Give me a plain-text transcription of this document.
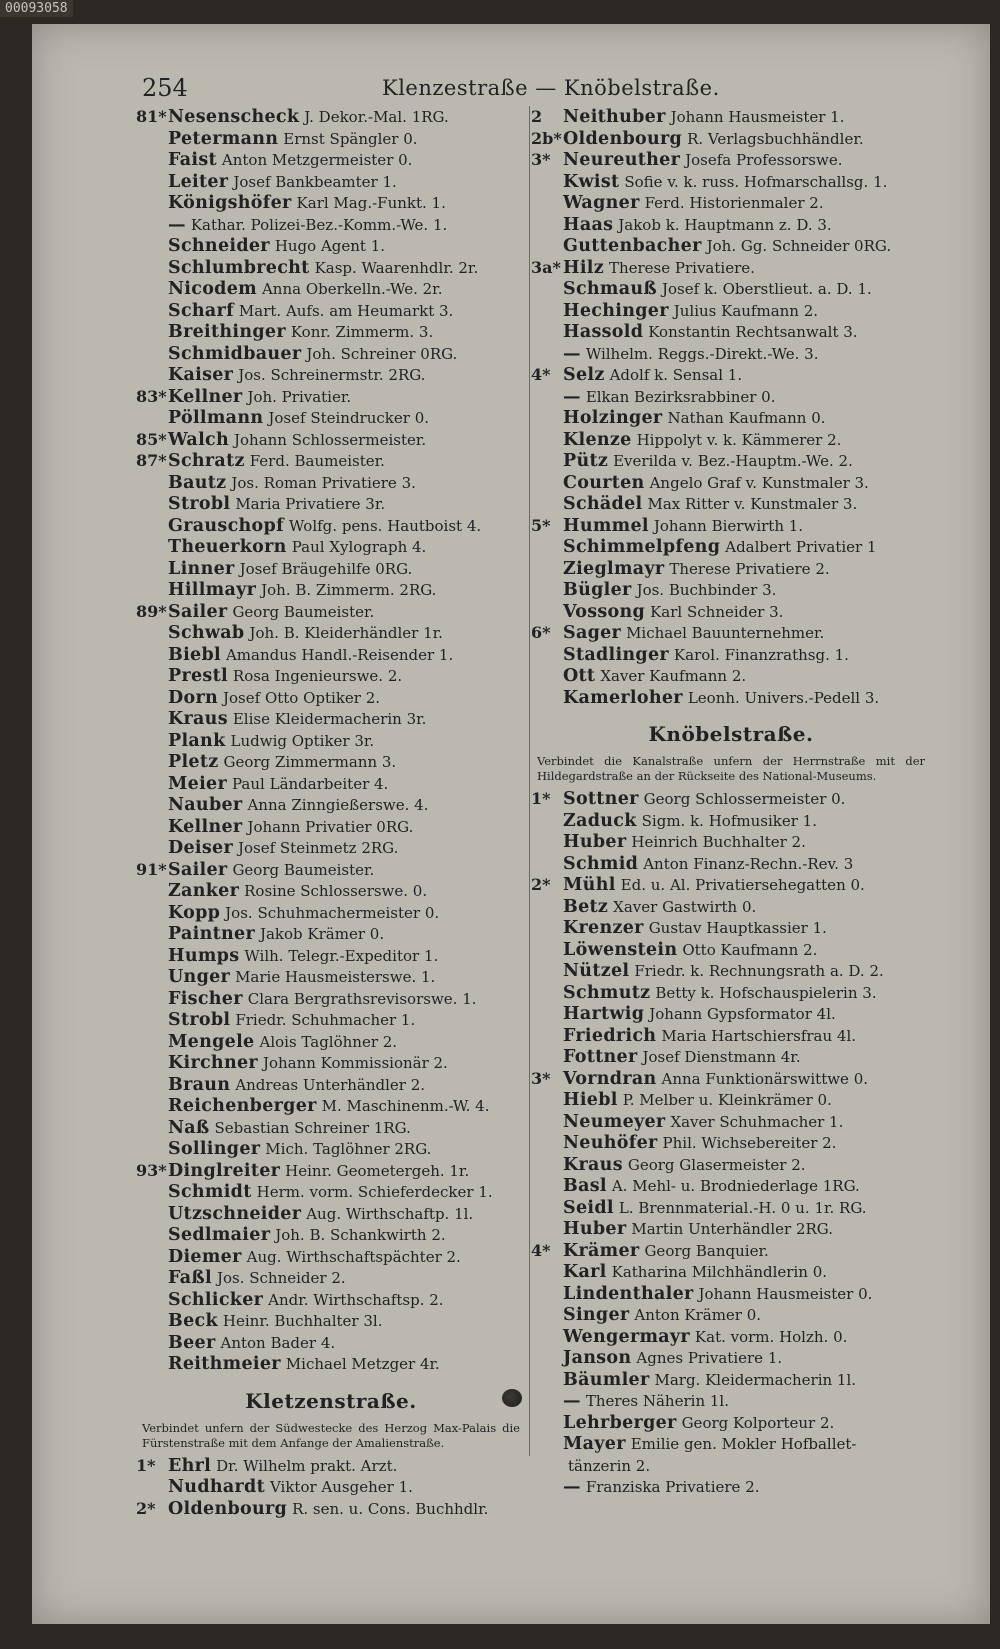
00093058
254	Klenzestraße — Knöbelstraße.
81*Nesenscheck J. Dekor.-Mal. 1RG.
Petermann Ernst Spängler 0.
Faist Anton Metzgermeister 0.
Leiter Josef Bankbeamter 1.
Königshöfer Karl Mag.-Funkt. 1.
— Kathar. Polizei-Bez.-Komm.-We. 1.
Schneider Hugo Agent 1.
Schlumbrecht Kasp. Waarenhdlr. 2r.
Nicodem Anna Oberkelln.-We. 2r.
Scharf Mart. Aufs. am Heumarkt 3.
Breithinger Konr. Zimmerm. 3.
Schmidbauer Joh. Schreiner 0RG.
Kaiser Jos. Schreinermstr. 2RG.
83*Kellner Joh. Privatier.
Pöllmann Josef Steindrucker 0.
85*Walch Johann Schlossermeister.
87*Schratz Ferd. Baumeister.
Bautz Jos. Roman Privatiere 3.
Strobl Maria Privatiere 3r.
Grauschopf Wolfg. pens. Hautboist 4.
Theuerkorn Paul Xylograph 4.
Linner Josef Bräugehilfe 0RG.
Hillmayr Joh. B. Zimmerm. 2RG.
89*Sailer Georg Baumeister.
Schwab Joh. B. Kleiderhändler 1r.
Biebl Amandus Handl.-Reisender 1.
Prestl Rosa Ingenieurswe. 2.
Dorn Josef Otto Optiker 2.
Kraus Elise Kleidermacherin 3r.
Plank Ludwig Optiker 3r.
Pletz Georg Zimmermann 3.
Meier Paul Ländarbeiter 4.
Nauber Anna Zinngießerswe. 4.
Kellner Johann Privatier 0RG.
Deiser Josef Steinmetz 2RG.
91*Sailer Georg Baumeister.
Zanker Rosine Schlosserswe. 0.
Kopp Jos. Schuhmachermeister 0.
Paintner Jakob Krämer 0.
Humps Wilh. Telegr.-Expeditor 1.
Unger Marie Hausmeisterswe. 1.
Fischer Clara Bergrathsrevisorswe. 1.
Strobl Friedr. Schuhmacher 1.
Mengele Alois Taglöhner 2.
Kirchner Johann Kommissionär 2.
Braun Andreas Unterhändler 2.
Reichenberger M. Maschinenm.-W. 4.
Naß Sebastian Schreiner 1RG.
Sollinger Mich. Taglöhner 2RG.
93*Dinglreiter Heinr. Geometergeh. 1r.
Schmidt Herm. vorm. Schieferdecker 1.
Utzschneider Aug. Wirthschaftp. 1l.
Sedlmaier Joh. B. Schankwirth 2.
Diemer Aug. Wirthschaftspächter 2.
Faßl Jos. Schneider 2.
Schlicker Andr. Wirthschaftsp. 2.
Beck Heinr. Buchhalter 3l.
Beer Anton Bader 4.
Reithmeier Michael Metzger 4r.
Kletzenstraße.
Verbindet unfern der Südwestecke des Herzog Max-Palais die Fürstenstraße mit dem Anfange der Amalienstraße.
1* Ehrl Dr. Wilhelm prakt. Arzt.
Nudhardt Viktor Ausgeher 1.
2* Oldenbourg R. sen. u. Cons. Buchhdlr.
2 Neithuber Johann Hausmeister 1.
2b*Oldenbourg R. Verlagsbuchhändler.
3* Neureuther Josefa Professorswe.
Kwist Sofie v. k. russ. Hofmarschallsg. 1.
Wagner Ferd. Historienmaler 2.
Haas Jakob k. Hauptmann z. D. 3.
Guttenbacher Joh. Gg. Schneider 0RG.
3a* Hilz Therese Privatiere.
Schmauß Josef k. Oberstlieut. a. D. 1.
Hechinger Julius Kaufmann 2.
Hassold Konstantin Rechtsanwalt 3.
— Wilhelm. Reggs.-Direkt.-We. 3.
4* Selz Adolf k. Sensal 1.
— Elkan Bezirksrabbiner 0.
Holzinger Nathan Kaufmann 0.
Klenze Hippolyt v. k. Kämmerer 2.
Pütz Everilda v. Bez.-Hauptm.-We. 2.
Courten Angelo Graf v. Kunstmaler 3.
Schädel Max Ritter v. Kunstmaler 3.
5* Hummel Johann Bierwirth 1.
Schimmelpfeng Adalbert Privatier 1
Zieglmayr Therese Privatiere 2.
Bügler Jos. Buchbinder 3.
Vossong Karl Schneider 3.
6* Sager Michael Bauunternehmer.
Stadlinger Karol. Finanzrathsg. 1.
Ott Xaver Kaufmann 2.
Kamerloher Leonh. Univers.-Pedell 3.
Knöbelstraße.
Verbindet die Kanalstraße unfern der Herrnstraße mit der Hildegardstraße an der Rückseite des National-Museums.
1* Sottner Georg Schlossermeister 0.
Zaduck Sigm. k. Hofmusiker 1.
Huber Heinrich Buchhalter 2.
Schmid Anton Finanz-Rechn.-Rev. 3
2* Mühl Ed. u. Al. Privatiersehegatten 0.
Betz Xaver Gastwirth 0.
Krenzer Gustav Hauptkassier 1.
Löwenstein Otto Kaufmann 2.
Nützel Friedr. k. Rechnungsrath a. D. 2.
Schmutz Betty k. Hofschauspielerin 3.
Hartwig Johann Gypsformator 4l.
Friedrich Maria Hartschiersfrau 4l.
Fottner Josef Dienstmann 4r.
3* Vorndran Anna Funktionärswittwe 0.
Hiebl P. Melber u. Kleinkrämer 0.
Neumeyer Xaver Schuhmacher 1.
Neuhöfer Phil. Wichsebereiter 2.
Kraus Georg Glasermeister 2.
Basl A. Mehl- u. Brodniederlage 1RG.
Seidl L. Brennmaterial.-H. 0 u. 1r. RG.
Huber Martin Unterhändler 2RG.
4* Krämer Georg Banquier.
Karl Katharina Milchhändlerin 0.
Lindenthaler Johann Hausmeister 0.
Singer Anton Krämer 0.
Wengermayr Kat. vorm. Holzh. 0.
Janson Agnes Privatiere 1.
Bäumler Marg. Kleidermacherin 1l.
— Theres Näherin 1l.
Lehrberger Georg Kolporteur 2.
Mayer Emilie gen. Mokler Hofballet-
tänzerin 2.
— Franziska Privatiere 2.
